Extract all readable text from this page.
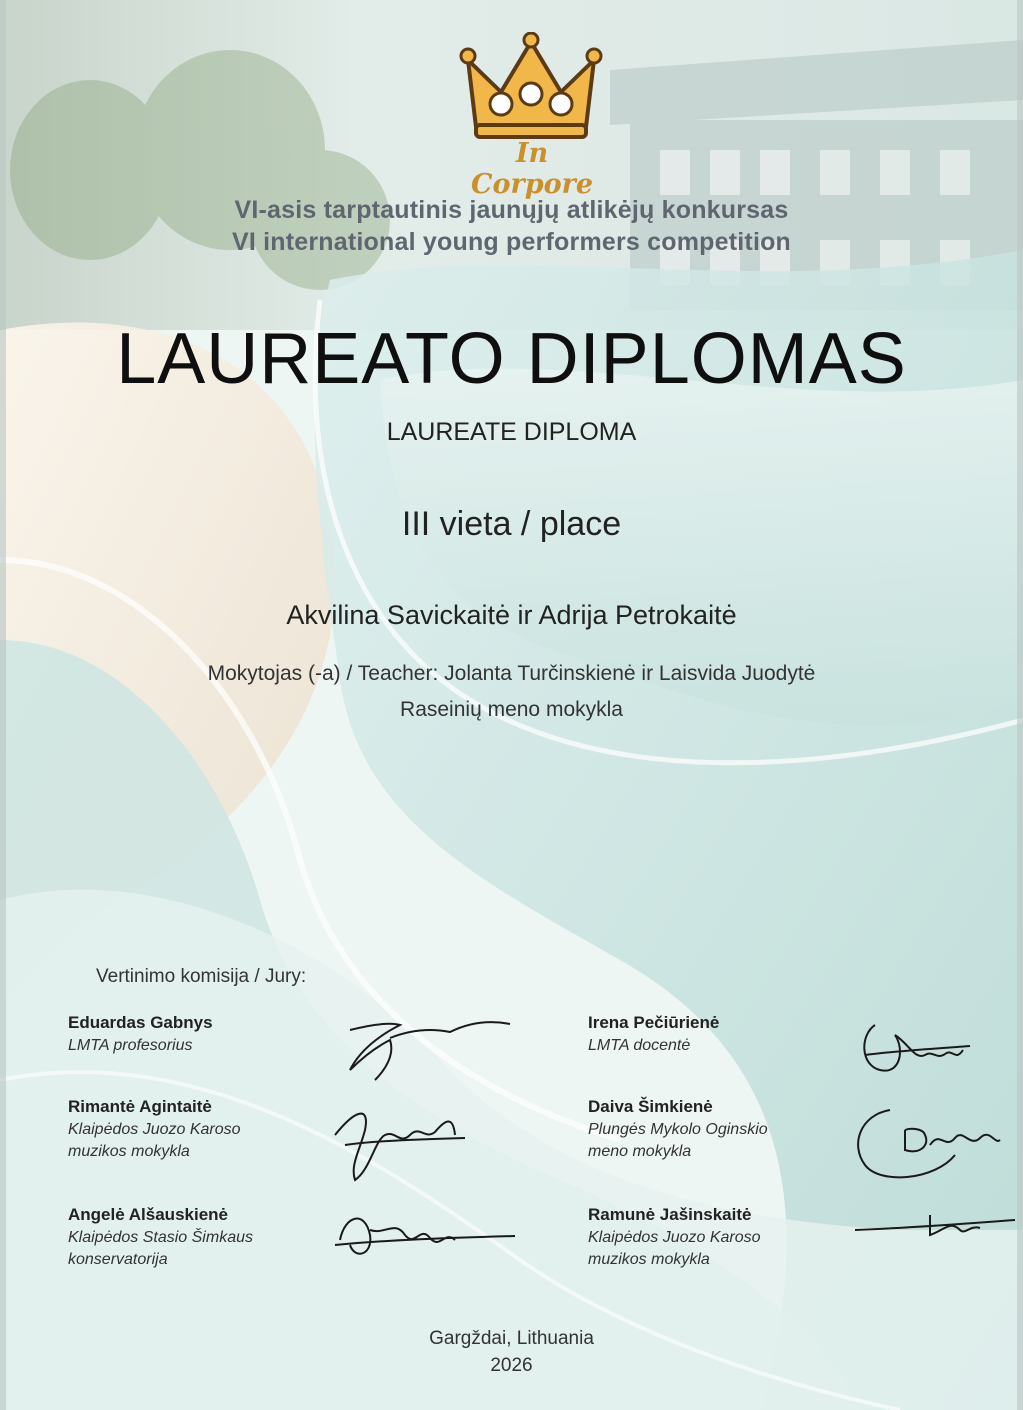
In Corpore
VI-asis tarptautinis jaunųjų atlikėjų konkursas
VI international young performers competition
LAUREATO DIPLOMAS
LAUREATE DIPLOMA
III vieta / place
Akvilina Savickaitė ir Adrija Petrokaitė
Mokytojas (-a) / Teacher: Jolanta Turčinskienė ir Laisvida Juodytė
Raseinių meno mokykla
Vertinimo komisija / Jury:
Eduardas Gabnys
LMTA profesorius
Rimantė Agintaitė
Klaipėdos Juozo Karoso
muzikos mokykla
Angelė Alšauskienė
Klaipėdos Stasio Šimkaus
konservatorija
Irena Pečiūrienė
LMTA docentė
Daiva Šimkienė
Plungės Mykolo Oginskio
meno mokykla
Ramunė Jašinskaitė
Klaipėdos Juozo Karoso
muzikos mokykla
Gargždai, Lithuania
2026
